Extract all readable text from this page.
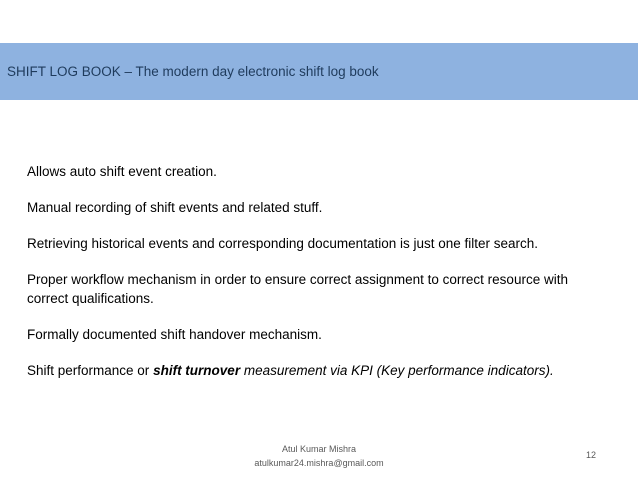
SHIFT LOG BOOK – The modern day electronic shift log book

Allows auto shift event creation.

Manual recording of shift events and related stuff.

Retrieving historical events and corresponding documentation is just one filter search.

Proper workflow mechanism in order to ensure correct assignment to correct resource with
correct qualifications.

Formally documented shift handover mechanism.

Shift performance or shift turnover measurement via KPI (Key performance indicators).

Atul Kumar Mishra
atulkumar24.mishra@gmail.com
12
